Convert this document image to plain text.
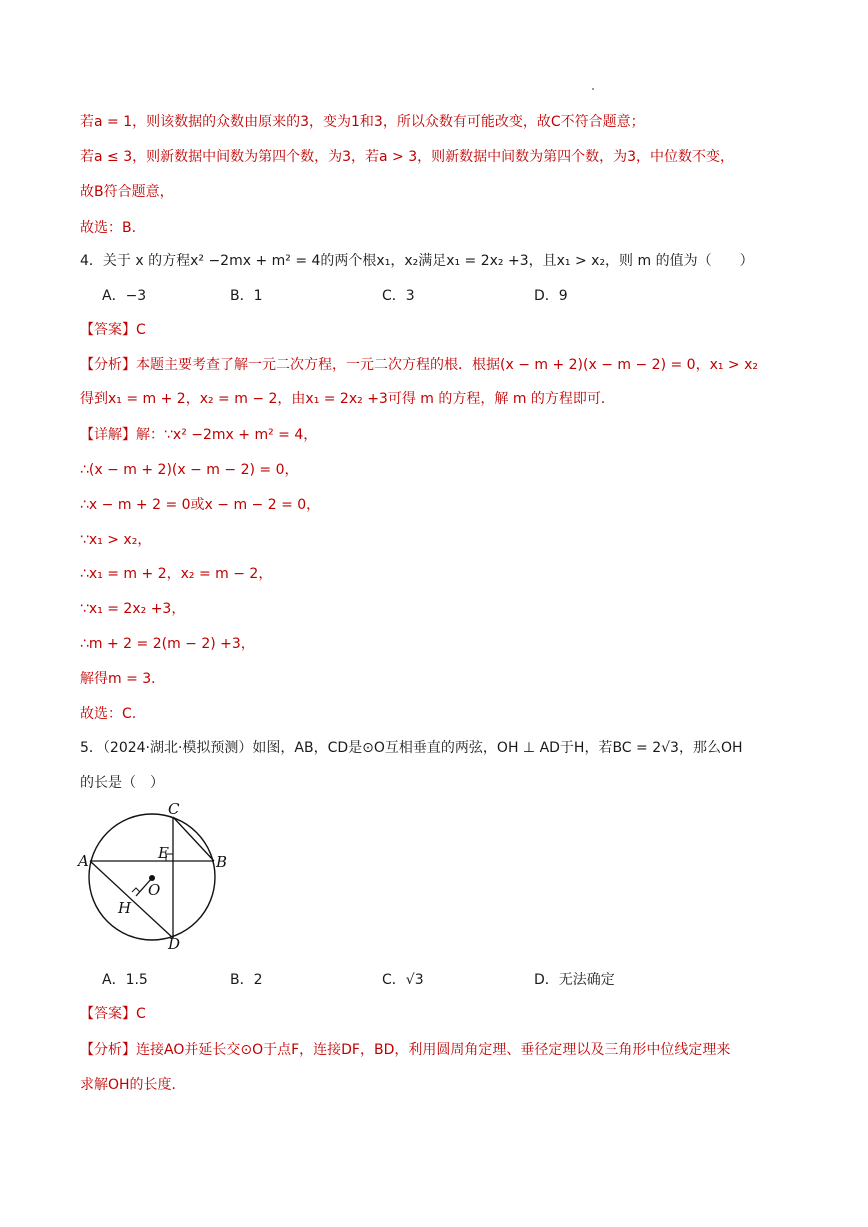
若a = 1，则该数据的众数由原来的3，变为1和3，所以众数有可能改变，故C不符合题意；
若a ≤ 3，则新数据中间数为第四个数，为3，若a > 3，则新数据中间数为第四个数，为3，中位数不变，
故B符合题意，
故选：B.
4．关于 x 的方程x² −2mx + m² = 4的两个根x₁，x₂满足x₁ = 2x₂ +3，且x₁ > x₂，则 m 的值为（　　）
A．−3	B．1	C．3	D．9
【答案】C
【分析】本题主要考查了解一元二次方程，一元二次方程的根．根据(x − m + 2)(x − m − 2) = 0，x₁ > x₂
得到x₁ = m + 2，x₂ = m − 2，由x₁ = 2x₂ +3可得 m 的方程，解 m 的方程即可．
【详解】解：∵x² −2mx + m² = 4，
∴(x − m + 2)(x − m − 2) = 0，
∴x − m + 2 = 0或x − m − 2 = 0，
∵x₁ > x₂，
∴x₁ = m + 2，x₂ = m − 2，
∵x₁ = 2x₂ +3，
∴m + 2 = 2(m − 2) +3，
解得m = 3．
故选：C.
5．（2024·湖北·模拟预测）如图，AB，CD是⊙O互相垂直的两弦，OH ⊥ AD于H，若BC = 2√3，那么OH
的长是（　）
C
A	B
E
O
H
D
A．1.5	B．2	C．√3	D．无法确定
【答案】C
【分析】连接AO并延长交⊙O于点F，连接DF，BD，利用圆周角定理、垂径定理以及三角形中位线定理来
求解OH的长度．
